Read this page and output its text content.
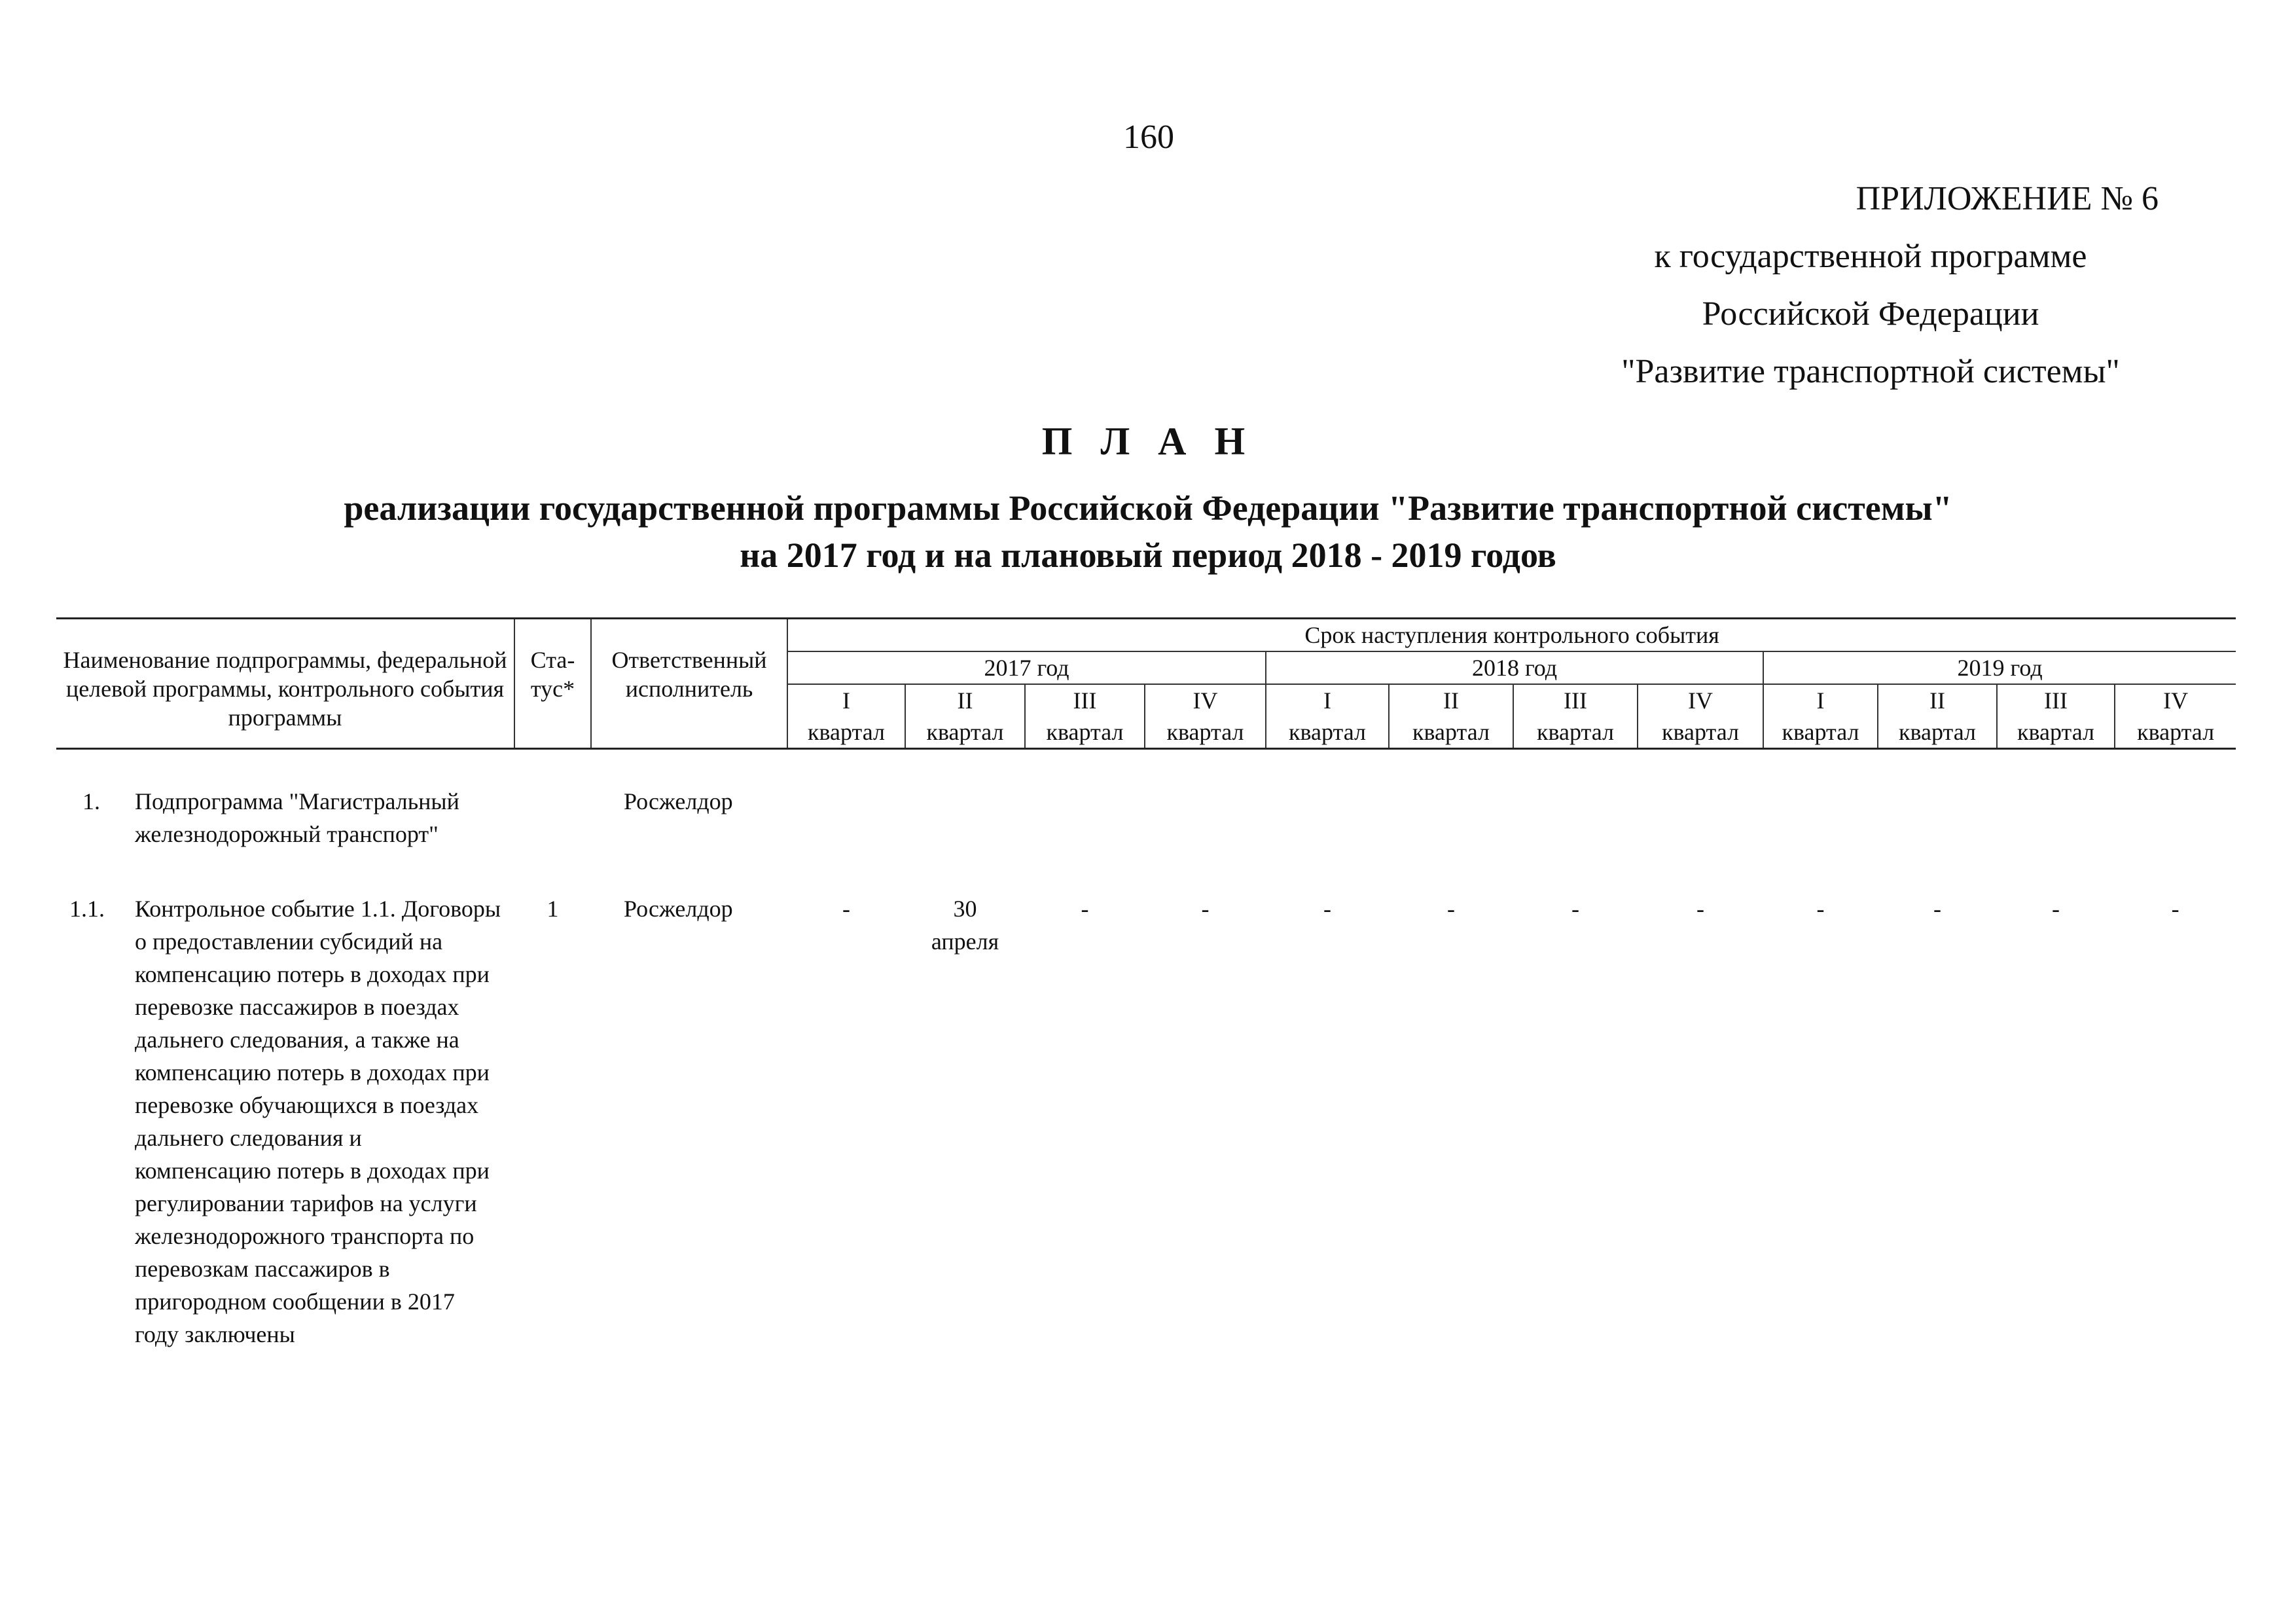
160
ПРИЛОЖЕНИЕ № 6
к государственной программе
Российской Федерации
"Развитие транспортной системы"
П Л А Н
реализации государственной программы Российской Федерации "Развитие транспортной системы"
на 2017 год и на плановый период 2018 - 2019 годов
Наименование подпрограммы, федеральной целевой программы, контрольного события программы		Ста- тус*	Ответственный исполнитель	Срок наступления контрольного события											
				2017 год				2018 год				2019 год			
				I	II	III	IV	I	II	III	IV	I	II	III	IV
				квартал	квартал	квартал	квартал	квартал	квартал	квартал	квартал	квартал	квартал	квартал	квартал

1.	Подпрограмма "Магистральный железнодорожный транспорт"		Росжелдор												

1.1.	Контрольное событие 1.1. Договоры о предоставлении субсидий на компенсацию потерь в доходах при перевозке пассажиров в поездах дальнего следования, а также на компенсацию потерь в доходах при перевозке обучающихся в поездах дальнего следования и компенсацию потерь в доходах при регулировании тарифов на услуги железнодорожного транспорта по перевозкам пассажиров в пригородном сообщении в 2017 году заключены	1	Росжелдор	-	30 апреля	-	-	-	-	-	-	-	-	-	-
